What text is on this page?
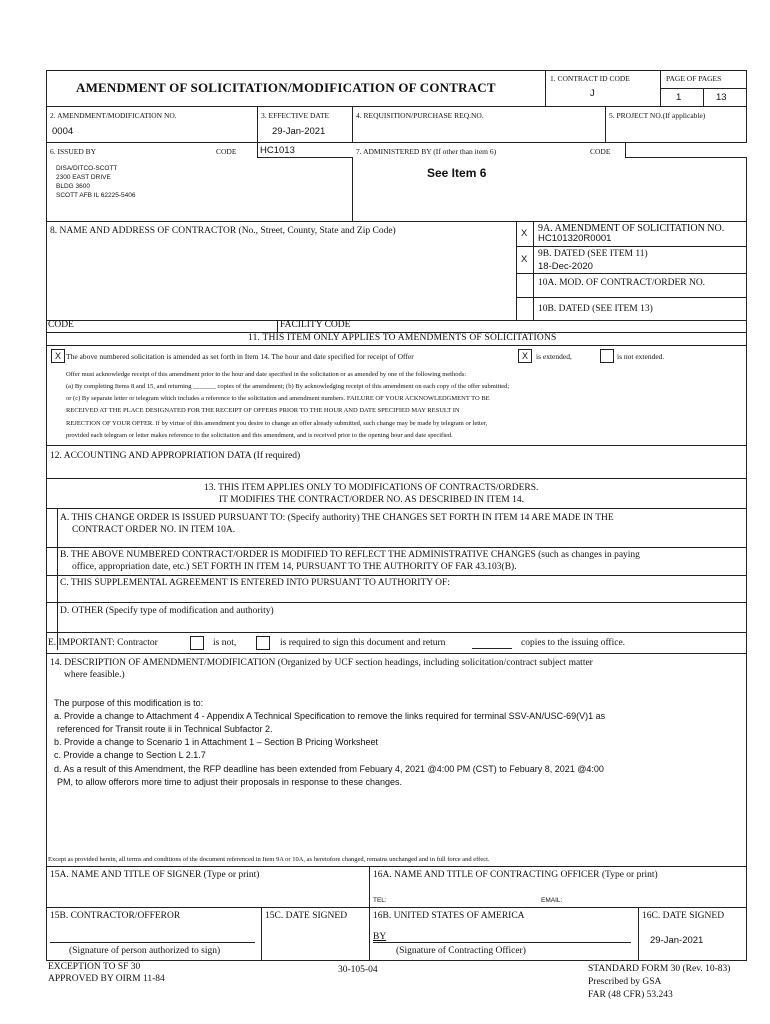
AMENDMENT OF SOLICITATION/MODIFICATION OF CONTRACT
1. CONTRACT ID CODE
J
PAGE OF PAGES
1	13
2. AMENDMENT/MODIFICATION NO.
0004
3. EFFECTIVE DATE
29-Jan-2021
4. REQUISITION/PURCHASE REQ.NO.	5. PROJECT NO.(If applicable)
6. ISSUED BY	CODE HC1013	7. ADMINISTERED BY (If other than item 6)	CODE
DISA/DITCO-SCOTT
2300 EAST DRIVE
BLDG 3600
SCOTT AFB IL 62225-5406
See Item 6
8. NAME AND ADDRESS OF CONTRACTOR (No., Street, County, State and Zip Code)	X 9A. AMENDMENT OF SOLICITATION NO.
HC101320R0001
X 9B. DATED (SEE ITEM 11)
18-Dec-2020
10A. MOD. OF CONTRACT/ORDER NO.
10B. DATED (SEE ITEM 13)
CODE	FACILITY CODE
11. THIS ITEM ONLY APPLIES TO AMENDMENTS OF SOLICITATIONS
X The above numbered solicitation is amended as set forth in Item 14. The hour and date specified for receipt of Offer	X	is extended,	is not extended.
Offer must acknowledge receipt of this amendment prior to the hour and date specified in the solicitation or as amended by one of the following methods:
(a) By completing Items 8 and 15, and returning _______ copies of the amendment; (b) By acknowledging receipt of this amendment on each copy of the offer submitted;
or (c) By separate letter or telegram which includes a reference to the solicitation and amendment numbers. FAILURE OF YOUR ACKNOWLEDGMENT TO BE
RECEIVED AT THE PLACE DESIGNATED FOR THE RECEIPT OF OFFERS PRIOR TO THE HOUR AND DATE SPECIFIED MAY RESULT IN
REJECTION OF YOUR OFFER. If by virtue of this amendment you desire to change an offer already submitted, such change may be made by telegram or letter,
provided each telegram or letter makes reference to the solicitation and this amendment, and is received prior to the opening hour and date specified.
12. ACCOUNTING AND APPROPRIATION DATA (If required)
13. THIS ITEM APPLIES ONLY TO MODIFICATIONS OF CONTRACTS/ORDERS.
IT MODIFIES THE CONTRACT/ORDER NO. AS DESCRIBED IN ITEM 14.
A. THIS CHANGE ORDER IS ISSUED PURSUANT TO: (Specify authority) THE CHANGES SET FORTH IN ITEM 14 ARE MADE IN THE
CONTRACT ORDER NO. IN ITEM 10A.
B. THE ABOVE NUMBERED CONTRACT/ORDER IS MODIFIED TO REFLECT THE ADMINISTRATIVE CHANGES (such as changes in paying
office, appropriation date, etc.) SET FORTH IN ITEM 14, PURSUANT TO THE AUTHORITY OF FAR 43.103(B).
C. THIS SUPPLEMENTAL AGREEMENT IS ENTERED INTO PURSUANT TO AUTHORITY OF:
D. OTHER (Specify type of modification and authority)
E. IMPORTANT: Contractor	is not,	is required to sign this document and return	copies to the issuing office.
14. DESCRIPTION OF AMENDMENT/MODIFICATION (Organized by UCF section headings, including solicitation/contract subject matter
where feasible.)
The purpose of this modification is to:
a. Provide a change to Attachment 4 - Appendix A Technical Specification to remove the links required for terminal SSV-AN/USC-69(V)1 as
referenced for Transit route ii in Technical Subfactor 2.
b. Provide a change to Scenario 1 in Attachment 1 – Section B Pricing Worksheet
c. Provide a change to Section L 2.1.7
d. As a result of this Amendment, the RFP deadline has been extended from Febuary 4, 2021 @4:00 PM (CST) to Febuary 8, 2021 @4:00
PM, to allow offerors more time to adjust their proposals in response to these changes.
Except as provided herein, all terms and conditions of the document referenced in Item 9A or 10A, as heretofore changed, remains unchanged and in full force and effect.
15A. NAME AND TITLE OF SIGNER (Type or print)	16A. NAME AND TITLE OF CONTRACTING OFFICER (Type or print)
TEL:	EMAIL:
15B. CONTRACTOR/OFFEROR	15C. DATE SIGNED	16B. UNITED STATES OF AMERICA	16C. DATE SIGNED
(Signature of person authorized to sign)
BY
(Signature of Contracting Officer)
29-Jan-2021
EXCEPTION TO SF 30
APPROVED BY OIRM 11-84
30-105-04	STANDARD FORM 30 (Rev. 10-83)
Prescribed by GSA
FAR (48 CFR) 53.243
